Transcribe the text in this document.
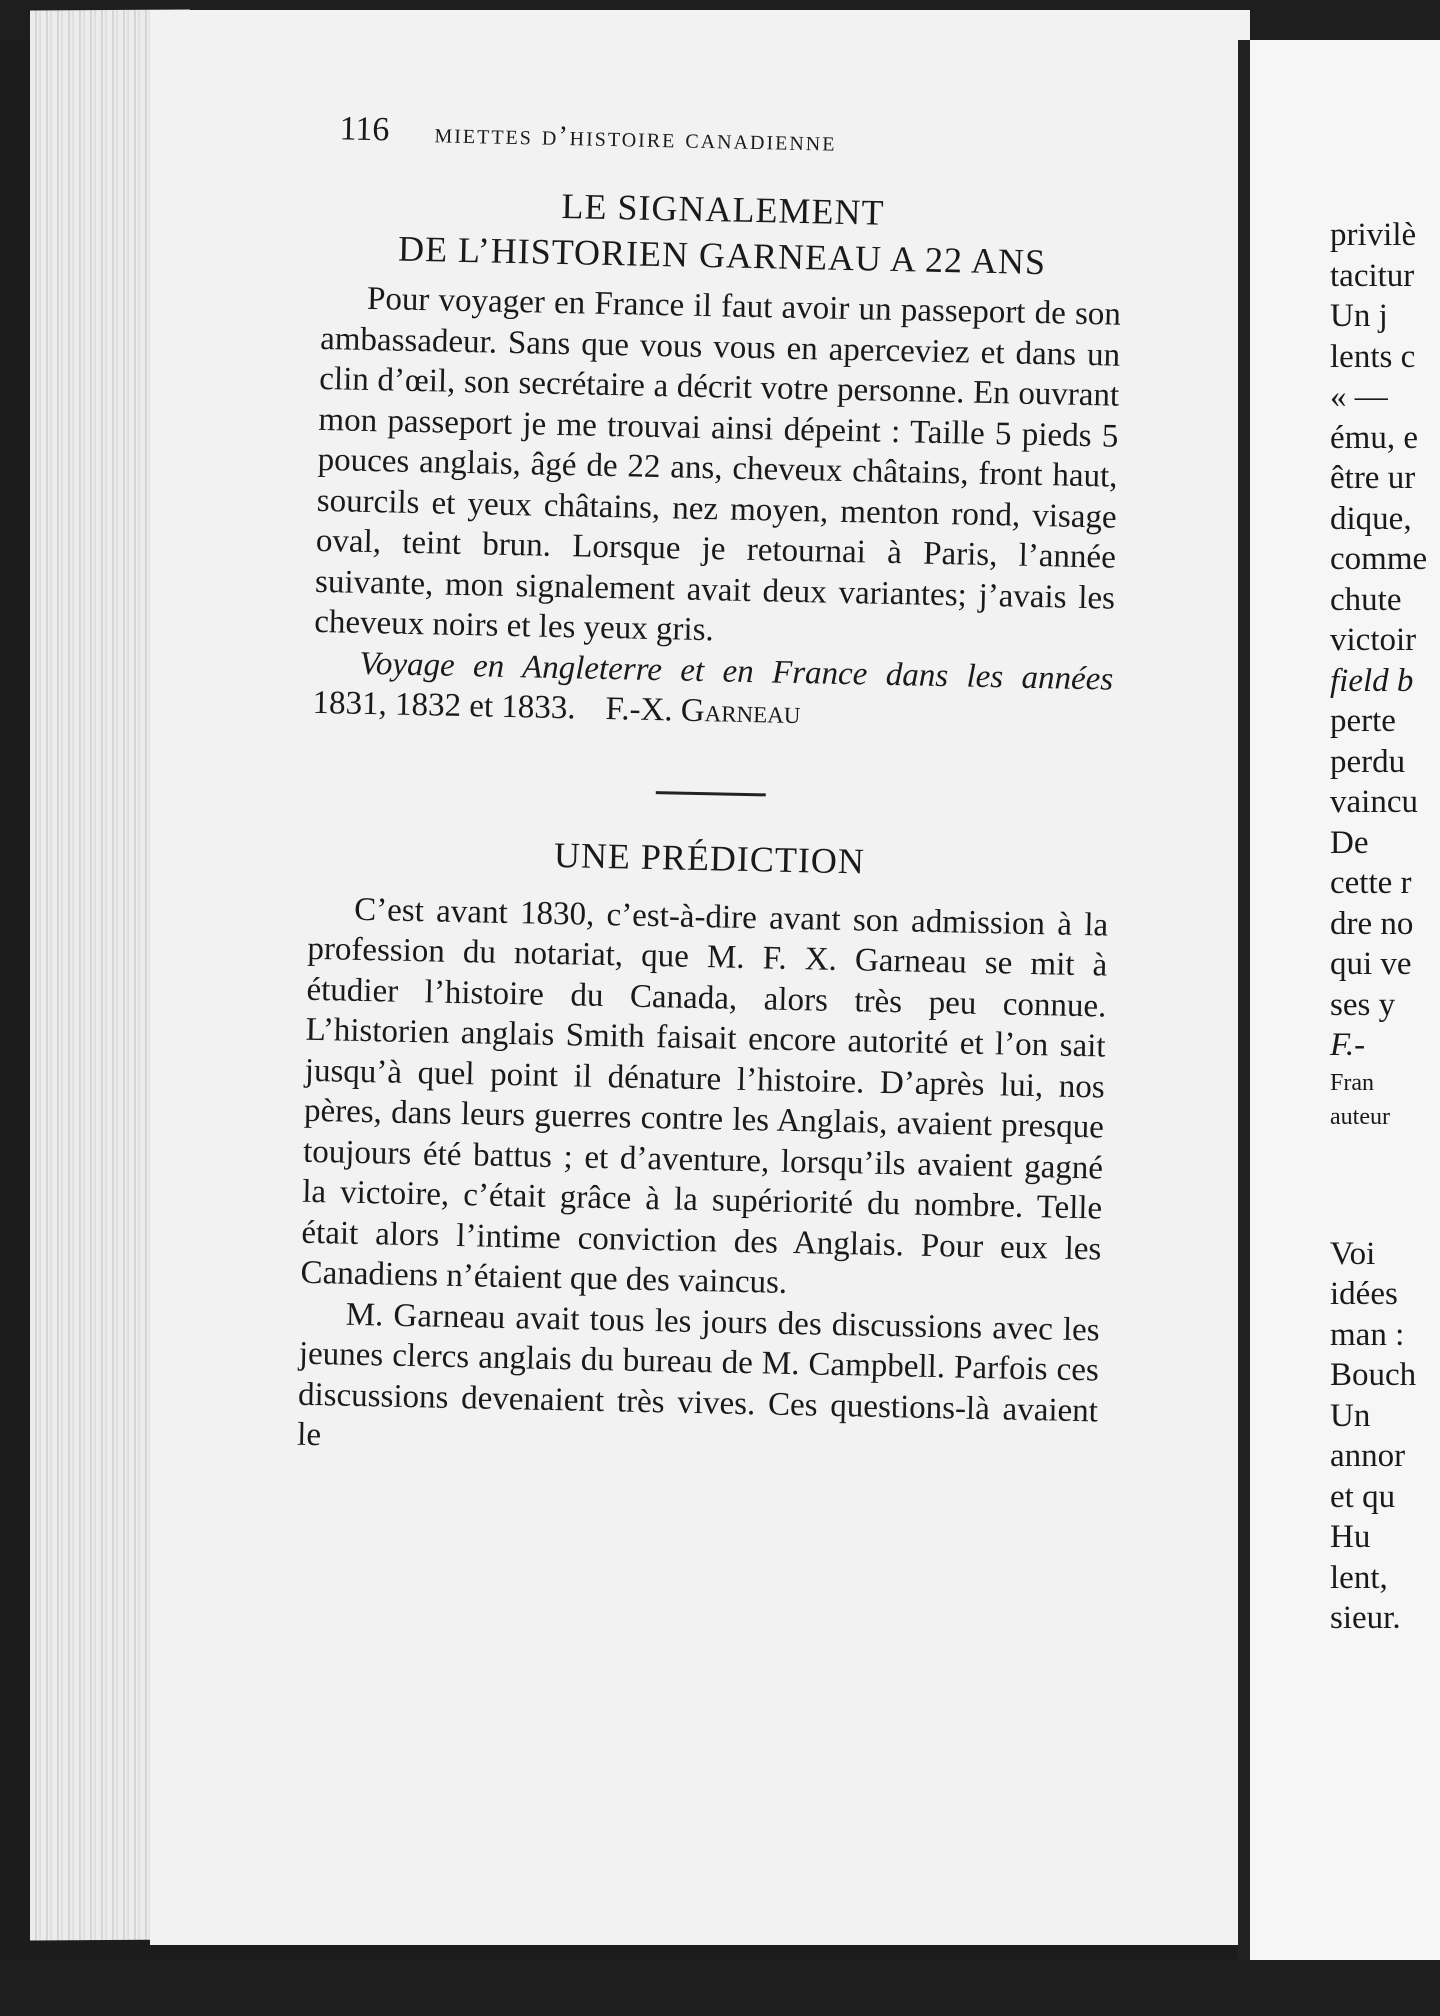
privilè
tacitur
Un j
lents c
« —
ému, e
être ur
dique,
comme
chute
victoir
field b
perte
perdu
vaincu
De
cette r
dre no
qui ve
ses y
F.-
Fran
auteur
Voi
idées
man :
Bouch
Un
annor
et qu
Hu
lent,
sieur.
116 miettes d’histoire canadienne
LE SIGNALEMENT
DE L’HISTORIEN GARNEAU A 22 ANS

Pour voyager en France il faut avoir un passeport de son ambassadeur. Sans que vous vous en aperceviez et dans un clin d’œil, son secrétaire a décrit votre personne. En ouvrant mon passeport je me trouvai ainsi dépeint : Taille 5 pieds 5 pouces anglais, âgé de 22 ans, cheveux châtains, front haut, sourcils et yeux châtains, nez moyen, menton rond, visage oval, teint brun. Lorsque je retournai à Paris, l’année suivante, mon signalement avait deux variantes; j’avais les cheveux noirs et les yeux gris.

Voyage en Angleterre et en France dans les années 1831, 1832 et 1833. F.-X. Garneau

UNE PRÉDICTION

C’est avant 1830, c’est-à-dire avant son admission à la profession du notariat, que M. F. X. Garneau se mit à étudier l’histoire du Canada, alors très peu connue. L’historien anglais Smith faisait encore autorité et l’on sait jusqu’à quel point il dénature l’histoire. D’après lui, nos pères, dans leurs guerres contre les Anglais, avaient presque toujours été battus ; et d’aventure, lorsqu’ils avaient gagné la victoire, c’était grâce à la supériorité du nombre. Telle était alors l’intime conviction des Anglais. Pour eux les Canadiens n’étaient que des vaincus.

M. Garneau avait tous les jours des discussions avec les jeunes clercs anglais du bureau de M. Campbell. Parfois ces discussions devenaient très vives. Ces questions-là avaient le
